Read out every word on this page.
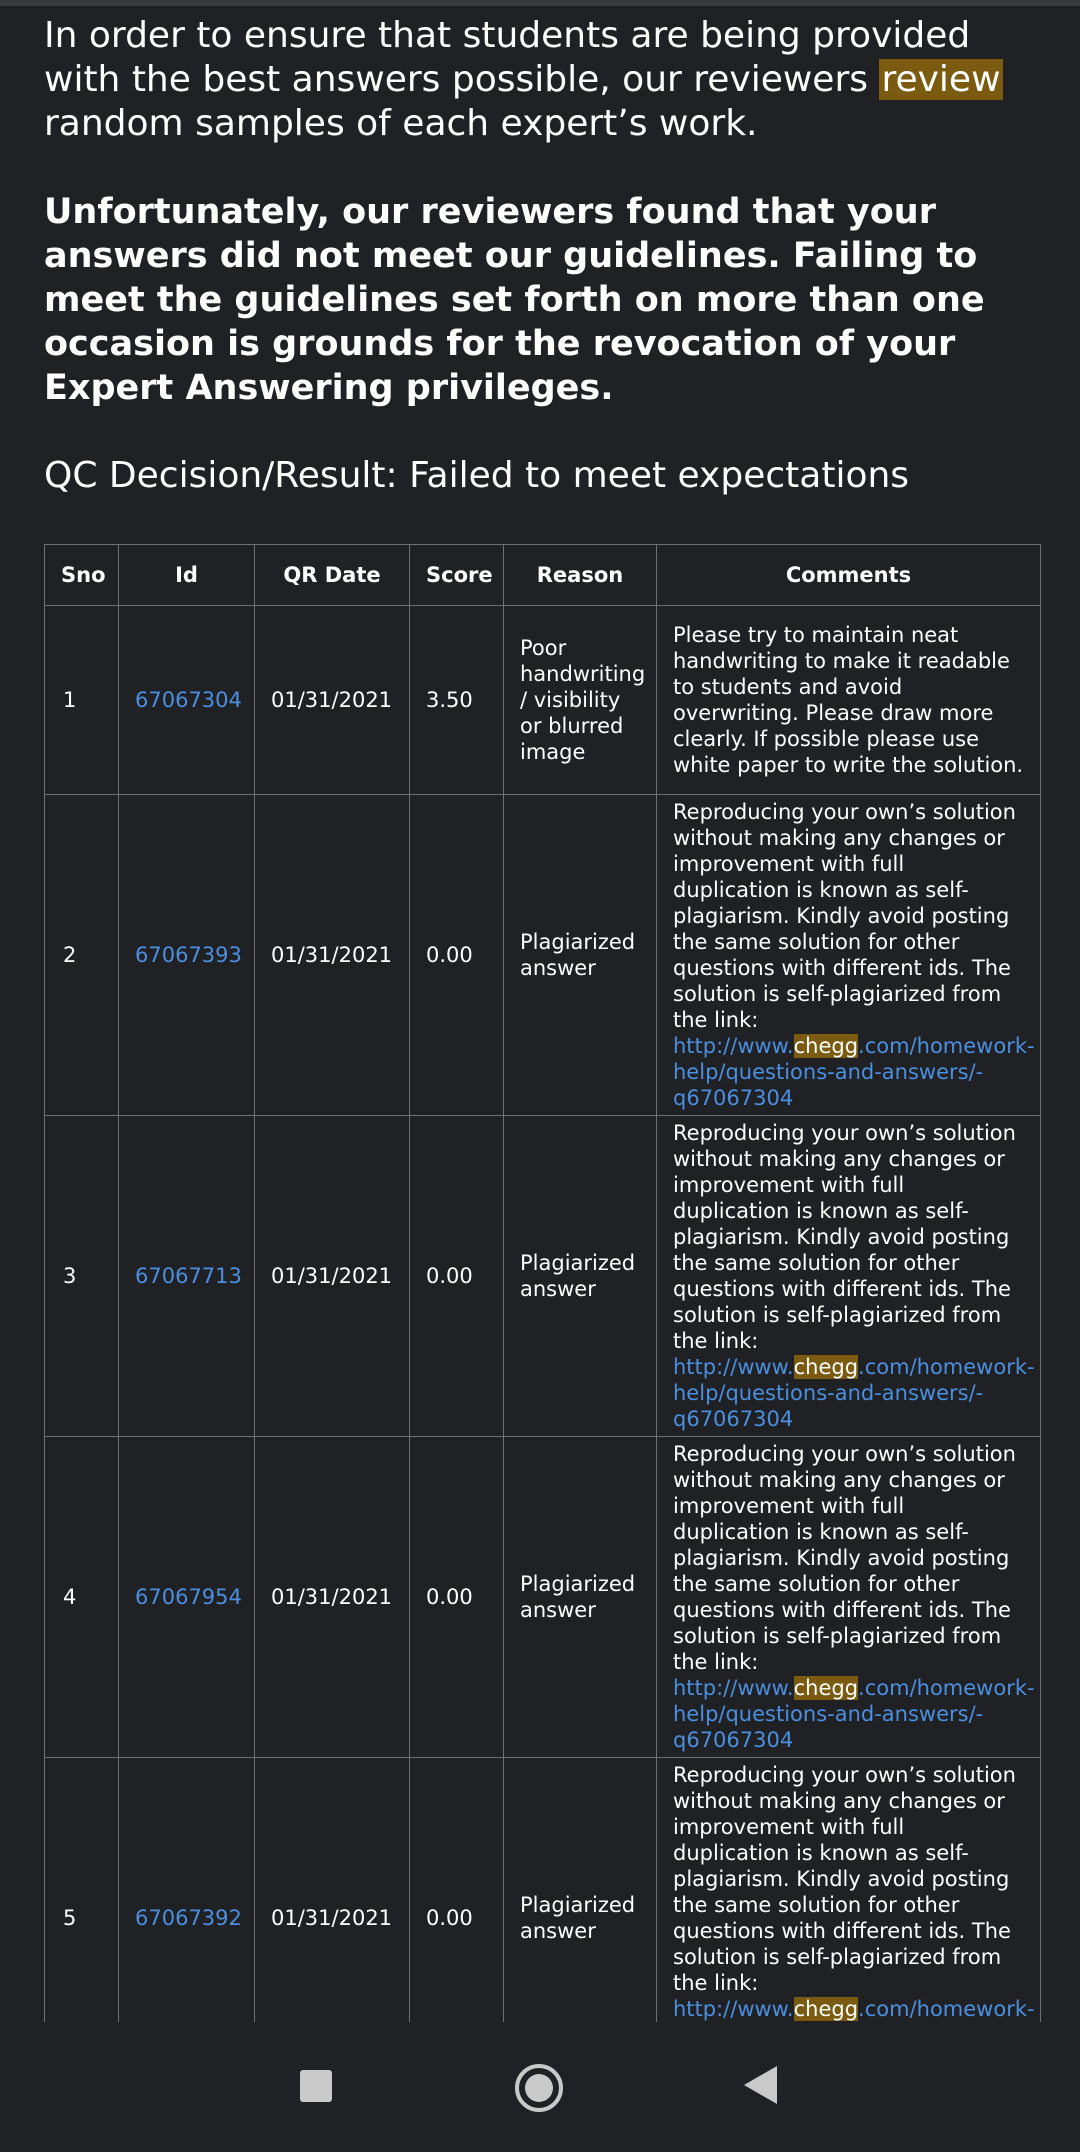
In order to ensure that students are being provided with the best answers possible, our reviewers review random samples of each expert’s work.

Unfortunately, our reviewers found that your answers did not meet our guidelines. Failing to meet the guidelines set forth on more than one occasion is grounds for the revocation of your Expert Answering privileges.

QC Decision/Result: Failed to meet expectations

Sno	Id	QR Date	Score	Reason	Comments
1	67067304	01/31/2021	3.50	Poor handwriting / visibility or blurred image	Please try to maintain neat handwriting to make it readable to students and avoid overwriting. Please draw more clearly. If possible please use white paper to write the solution.
2	67067393	01/31/2021	0.00	Plagiarized answer	Reproducing your own’s solution without making any changes or improvement with full duplication is known as self-plagiarism. Kindly avoid posting the same solution for other questions with different ids. The solution is self-plagiarized from the link: http://www.chegg.com/homework-help/questions-and-answers/-q67067304
3	67067713	01/31/2021	0.00	Plagiarized answer	Reproducing your own’s solution without making any changes or improvement with full duplication is known as self-plagiarism. Kindly avoid posting the same solution for other questions with different ids. The solution is self-plagiarized from the link: http://www.chegg.com/homework-help/questions-and-answers/-q67067304
4	67067954	01/31/2021	0.00	Plagiarized answer	Reproducing your own’s solution without making any changes or improvement with full duplication is known as self-plagiarism. Kindly avoid posting the same solution for other questions with different ids. The solution is self-plagiarized from the link: http://www.chegg.com/homework-help/questions-and-answers/-q67067304
5	67067392	01/31/2021	0.00	Plagiarized answer	Reproducing your own’s solution without making any changes or improvement with full duplication is known as self-plagiarism. Kindly avoid posting the same solution for other questions with different ids. The solution is self-plagiarized from the link: http://www.chegg.com/homework-
